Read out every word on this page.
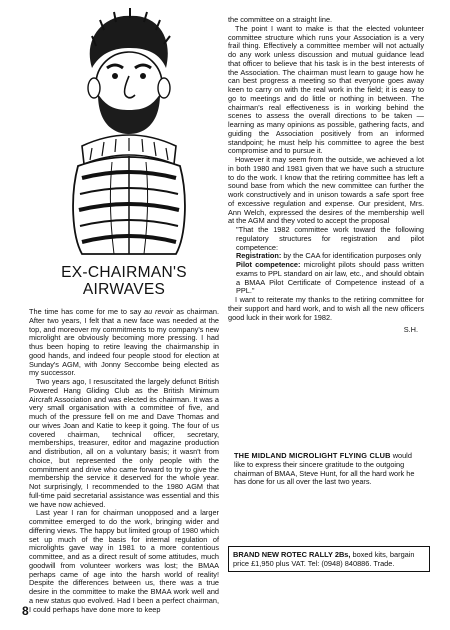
EX-CHAIRMAN'S
AIRWAVES

The time has come for me to say au revoir as chairman. After two years, I felt that a new face was needed at the top, and moreover my commitments to my company's new microlight are obviously becoming more pressing. I had thus been hoping to retire leaving the chairmanship in good hands, and indeed four people stood for election at Sunday's AGM, with Jonny Seccombe being elected as my successor.

Two years ago, I resuscitated the largely defunct British Powered Hang Gliding Club as the British Minimum Aircraft Association and was elected its chairman. It was a very small organisation with a committee of five, and much of the pressure fell on me and Dave Thomas and our wives Joan and Katie to keep it going. The four of us covered chairman, technical officer, secretary, memberships, treasurer, editor and magazine production and distribution, all on a voluntary basis; it wasn't from choice, but represented the only people with the commitment and drive who came forward to try to give the membership the service it deserved for the whole year. Not surprisingly, I recommended to the 1980 AGM that full-time paid secretarial assistance was essential and this we have now achieved.

Last year I ran for chairman unopposed and a larger committee emerged to do the work, bringing wider and differing views. The happy but limited group of 1980 which set up much of the basis for internal regulation of microlights gave way in 1981 to a more contentious committee, and as a direct result of some attitudes, much goodwill from volunteer workers was lost; the BMAA perhaps came of age into the harsh world of reality! Despite the differences between us, there was a true desire in the committee to make the BMAA work well and a new status quo evolved. Had I been a perfect chairman, I could perhaps have done more to keep

the committee on a straight line.

The point I want to make is that the elected volunteer committee structure which runs your Association is a very frail thing. Effectively a committee member will not actually do any work unless discussion and mutual guidance lead that officer to believe that his task is in the best interests of the Association. The chairman must learn to gauge how he can best progress a meeting so that everyone goes away keen to carry on with the real work in the field; it is easy to go to meetings and do little or nothing in between. The chairman's real effectiveness is in working behind the scenes to assess the overall directions to be taken — learning as many opinions as possible, gathering facts, and guiding the Association positively from an informed standpoint; he must help his committee to agree the best compromise and to pursue it.

However it may seem from the outside, we achieved a lot in both 1980 and 1981 given that we have such a structure to do the work. I know that the retiring committee has left a sound base from which the new committee can further the work constructively and in unison towards a safe sport free of excessive regulation and expense. Our president, Mrs. Ann Welch, expressed the desires of the membership well at the AGM and they voted to accept the proposal

"That the 1982 committee work toward the following regulatory structures for registration and pilot competence:

Registration: by the CAA for identification purposes only

Pilot competence: microlight pilots should pass written exams to PPL standard on air law, etc., and should obtain a BMAA Pilot Certificate of Competence instead of a PPL."

I want to reiterate my thanks to the retiring committee for their support and hard work, and to wish all the new officers good luck in their work for 1982.

S.H.
THE MIDLAND MICROLIGHT FLYING CLUB would like to express their sincere gratitude to the outgoing chairman of BMAA, Steve Hunt, for all the hard work he has done for us all over the last two years.
BRAND NEW ROTEC RALLY 2Bs, boxed kits, bargain price £1,950 plus VAT. Tel: (0948) 840886. Trade.
8
